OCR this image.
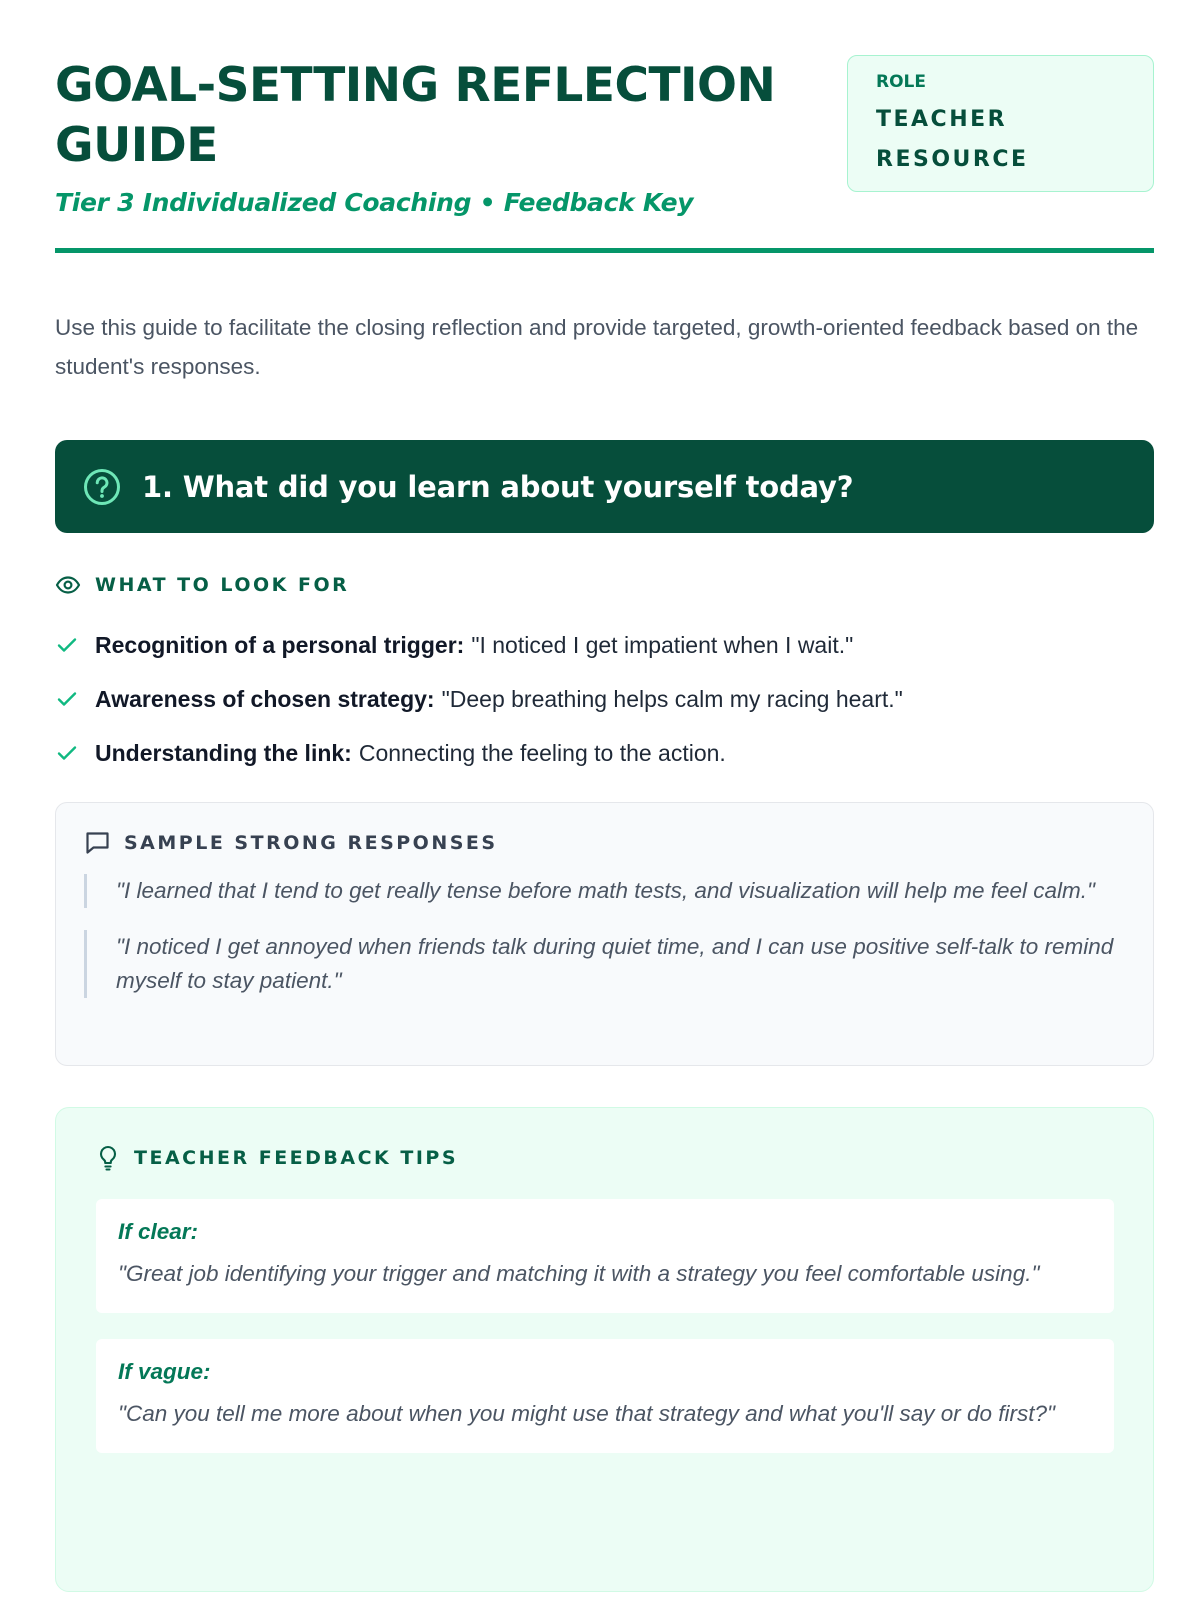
GOAL-SETTING REFLECTION GUIDE
Tier 3 Individualized Coaching • Feedback Key
ROLE
TEACHER RESOURCE

Use this guide to facilitate the closing reflection and provide targeted, growth-oriented feedback based on the student's responses.

1. What did you learn about yourself today?
WHAT TO LOOK FOR
Recognition of a personal trigger: "I noticed I get impatient when I wait."
Awareness of chosen strategy: "Deep breathing helps calm my racing heart."
Understanding the link: Connecting the feeling to the action.
SAMPLE STRONG RESPONSES
"I learned that I tend to get really tense before math tests, and visualization will help me feel calm."
"I noticed I get annoyed when friends talk during quiet time, and I can use positive self-talk to remind myself to stay patient."
TEACHER FEEDBACK TIPS
If clear:
"Great job identifying your trigger and matching it with a strategy you feel comfortable using."
If vague:
"Can you tell me more about when you might use that strategy and what you'll say or do first?"
